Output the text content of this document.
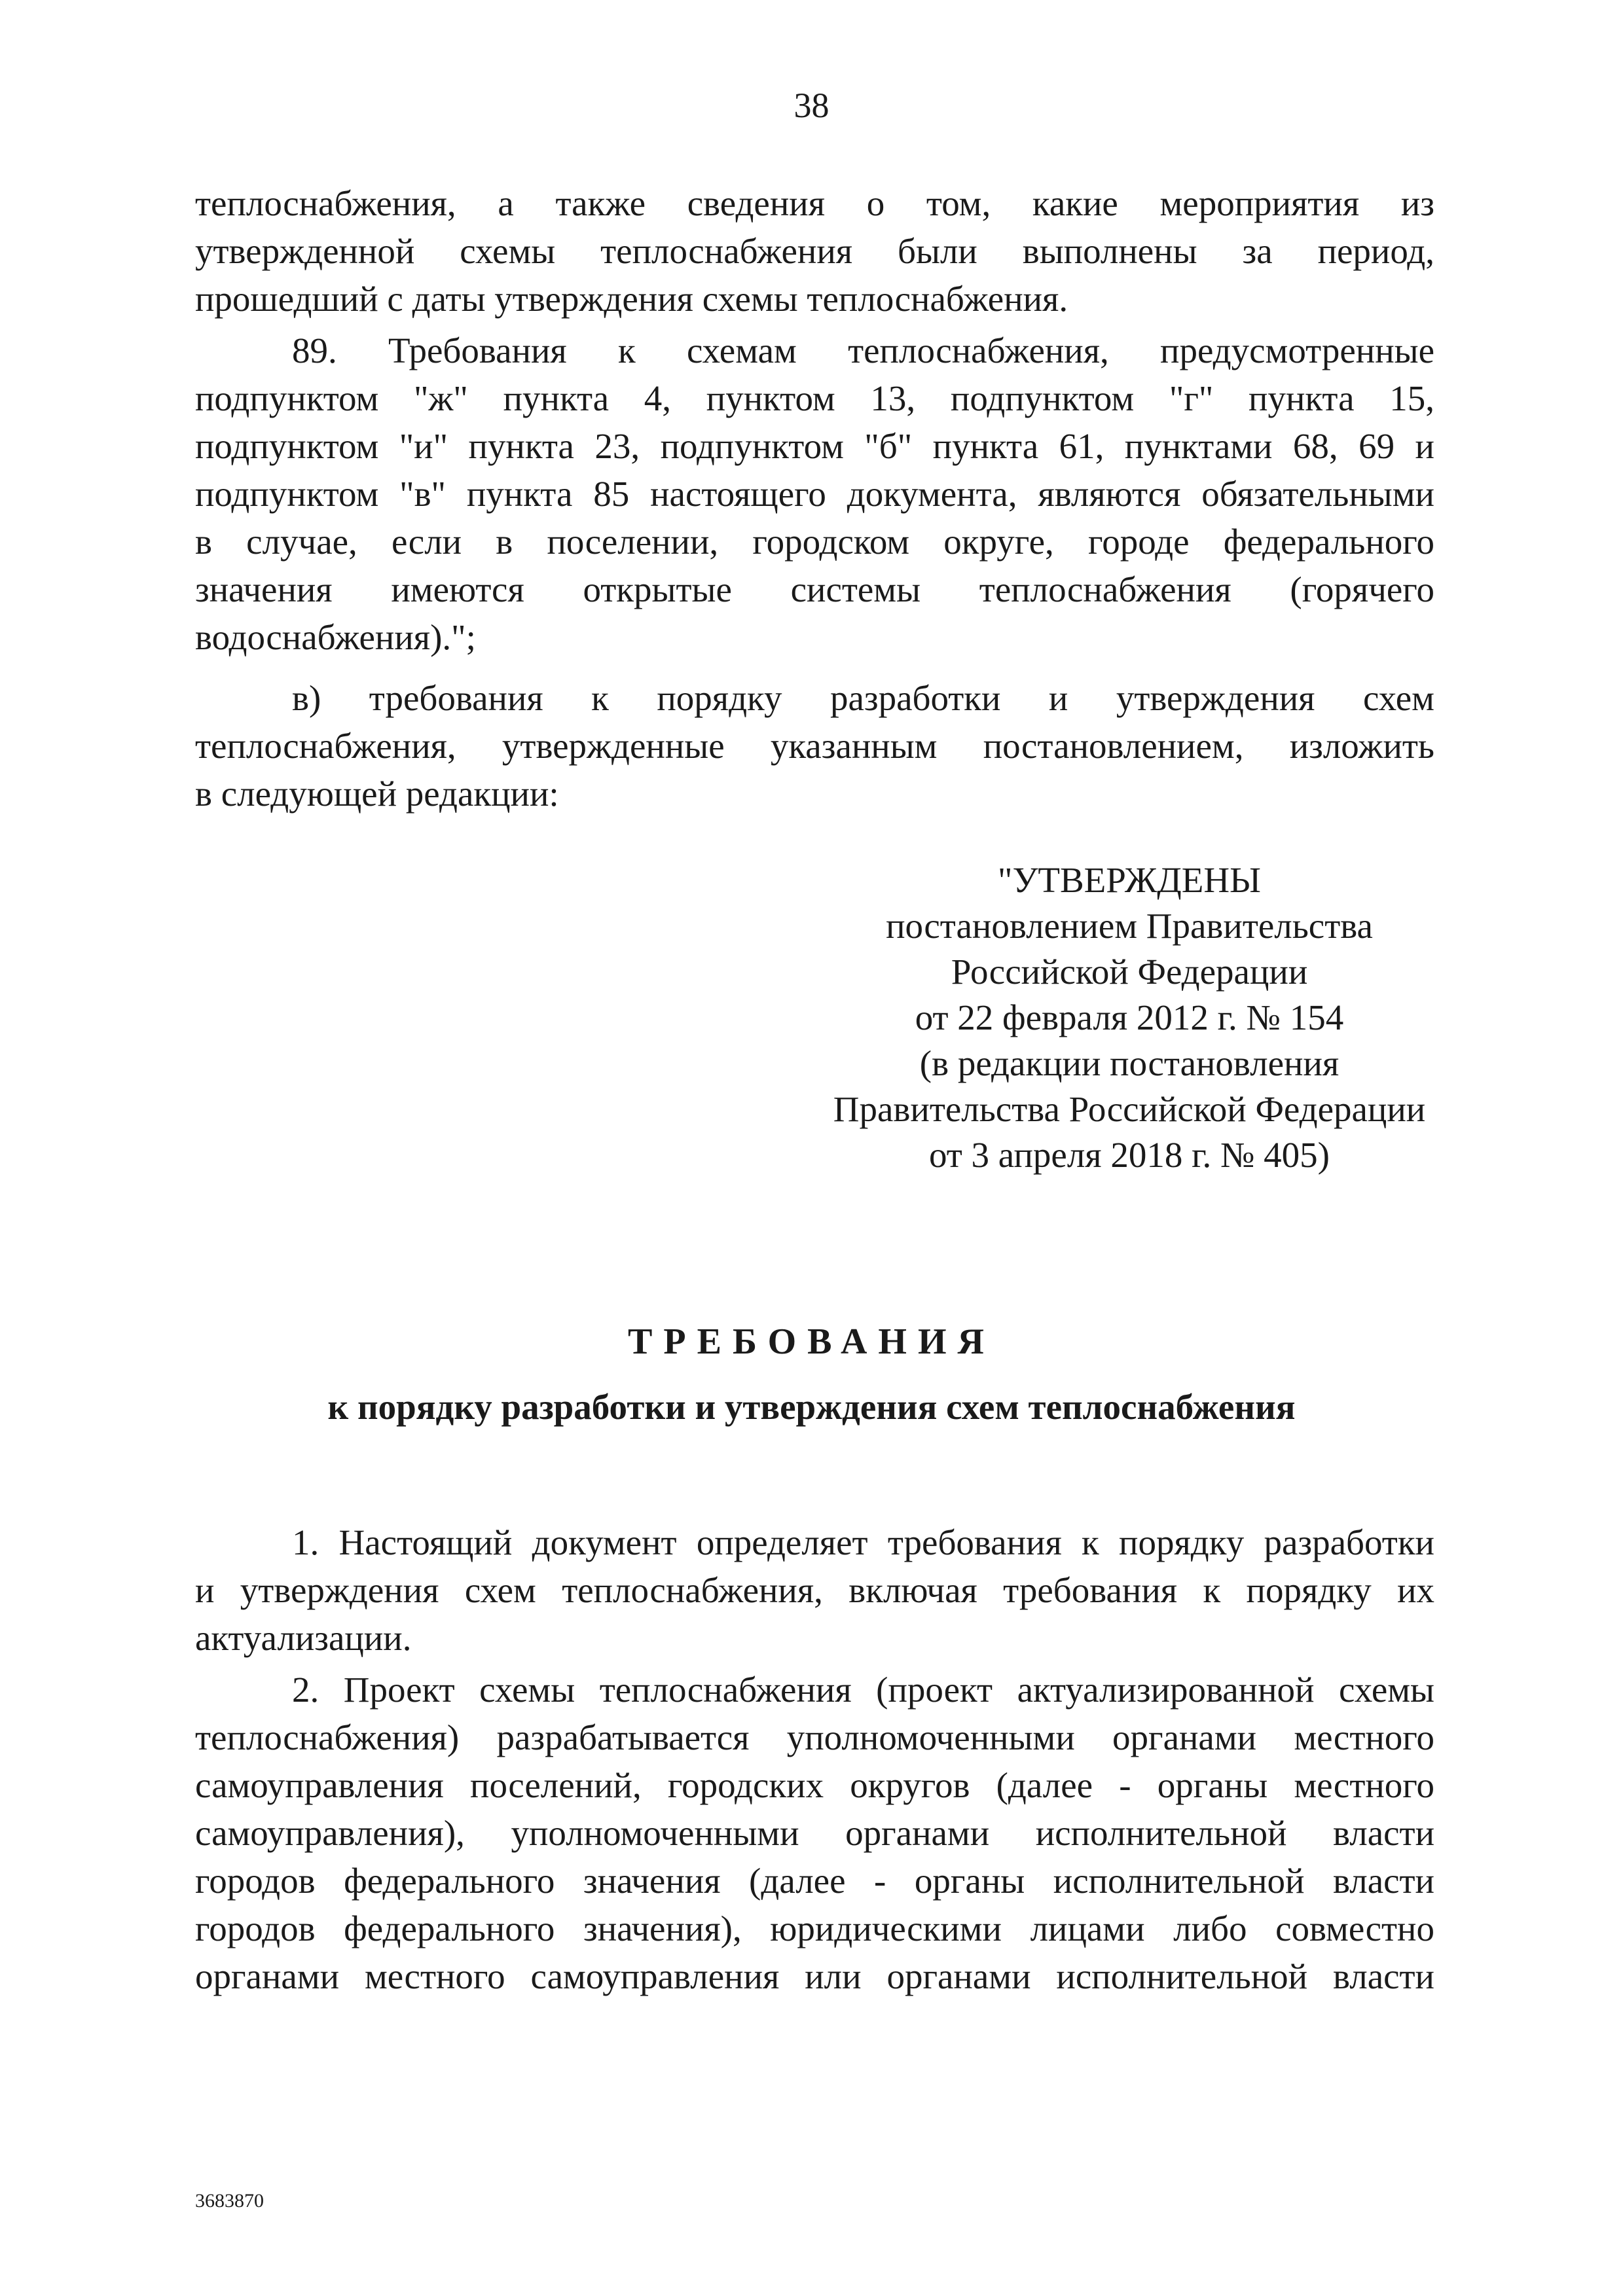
38
теплоснабжения, а также сведения о том, какие мероприятия из
утвержденной схемы теплоснабжения были выполнены за период,
прошедший с даты утверждения схемы теплоснабжения.
89. Требования к схемам теплоснабжения, предусмотренные
подпунктом "ж" пункта 4, пунктом 13, подпунктом "г" пункта 15,
подпунктом "и" пункта 23, подпунктом "б" пункта 61, пунктами 68, 69 и
подпунктом "в" пункта 85 настоящего документа, являются обязательными
в случае, если в поселении, городском округе, городе федерального
значения имеются открытые системы теплоснабжения (горячего
водоснабжения).";
в) требования к порядку разработки и утверждения схем
теплоснабжения, утвержденные указанным постановлением, изложить
в следующей редакции:
"УТВЕРЖДЕНЫ
постановлением Правительства
Российской Федерации
от 22 февраля 2012 г. № 154
(в редакции постановления
Правительства Российской Федерации
от 3 апреля 2018 г. № 405)
ТРЕБОВАНИЯ
к порядку разработки и утверждения схем теплоснабжения
1. Настоящий документ определяет требования к порядку разработки
и утверждения схем теплоснабжения, включая требования к порядку их
актуализации.
2. Проект схемы теплоснабжения (проект актуализированной схемы
теплоснабжения) разрабатывается уполномоченными органами местного
самоуправления поселений, городских округов (далее - органы местного
самоуправления), уполномоченными органами исполнительной власти
городов федерального значения (далее - органы исполнительной власти
городов федерального значения), юридическими лицами либо совместно
органами местного самоуправления или органами исполнительной власти
3683870
